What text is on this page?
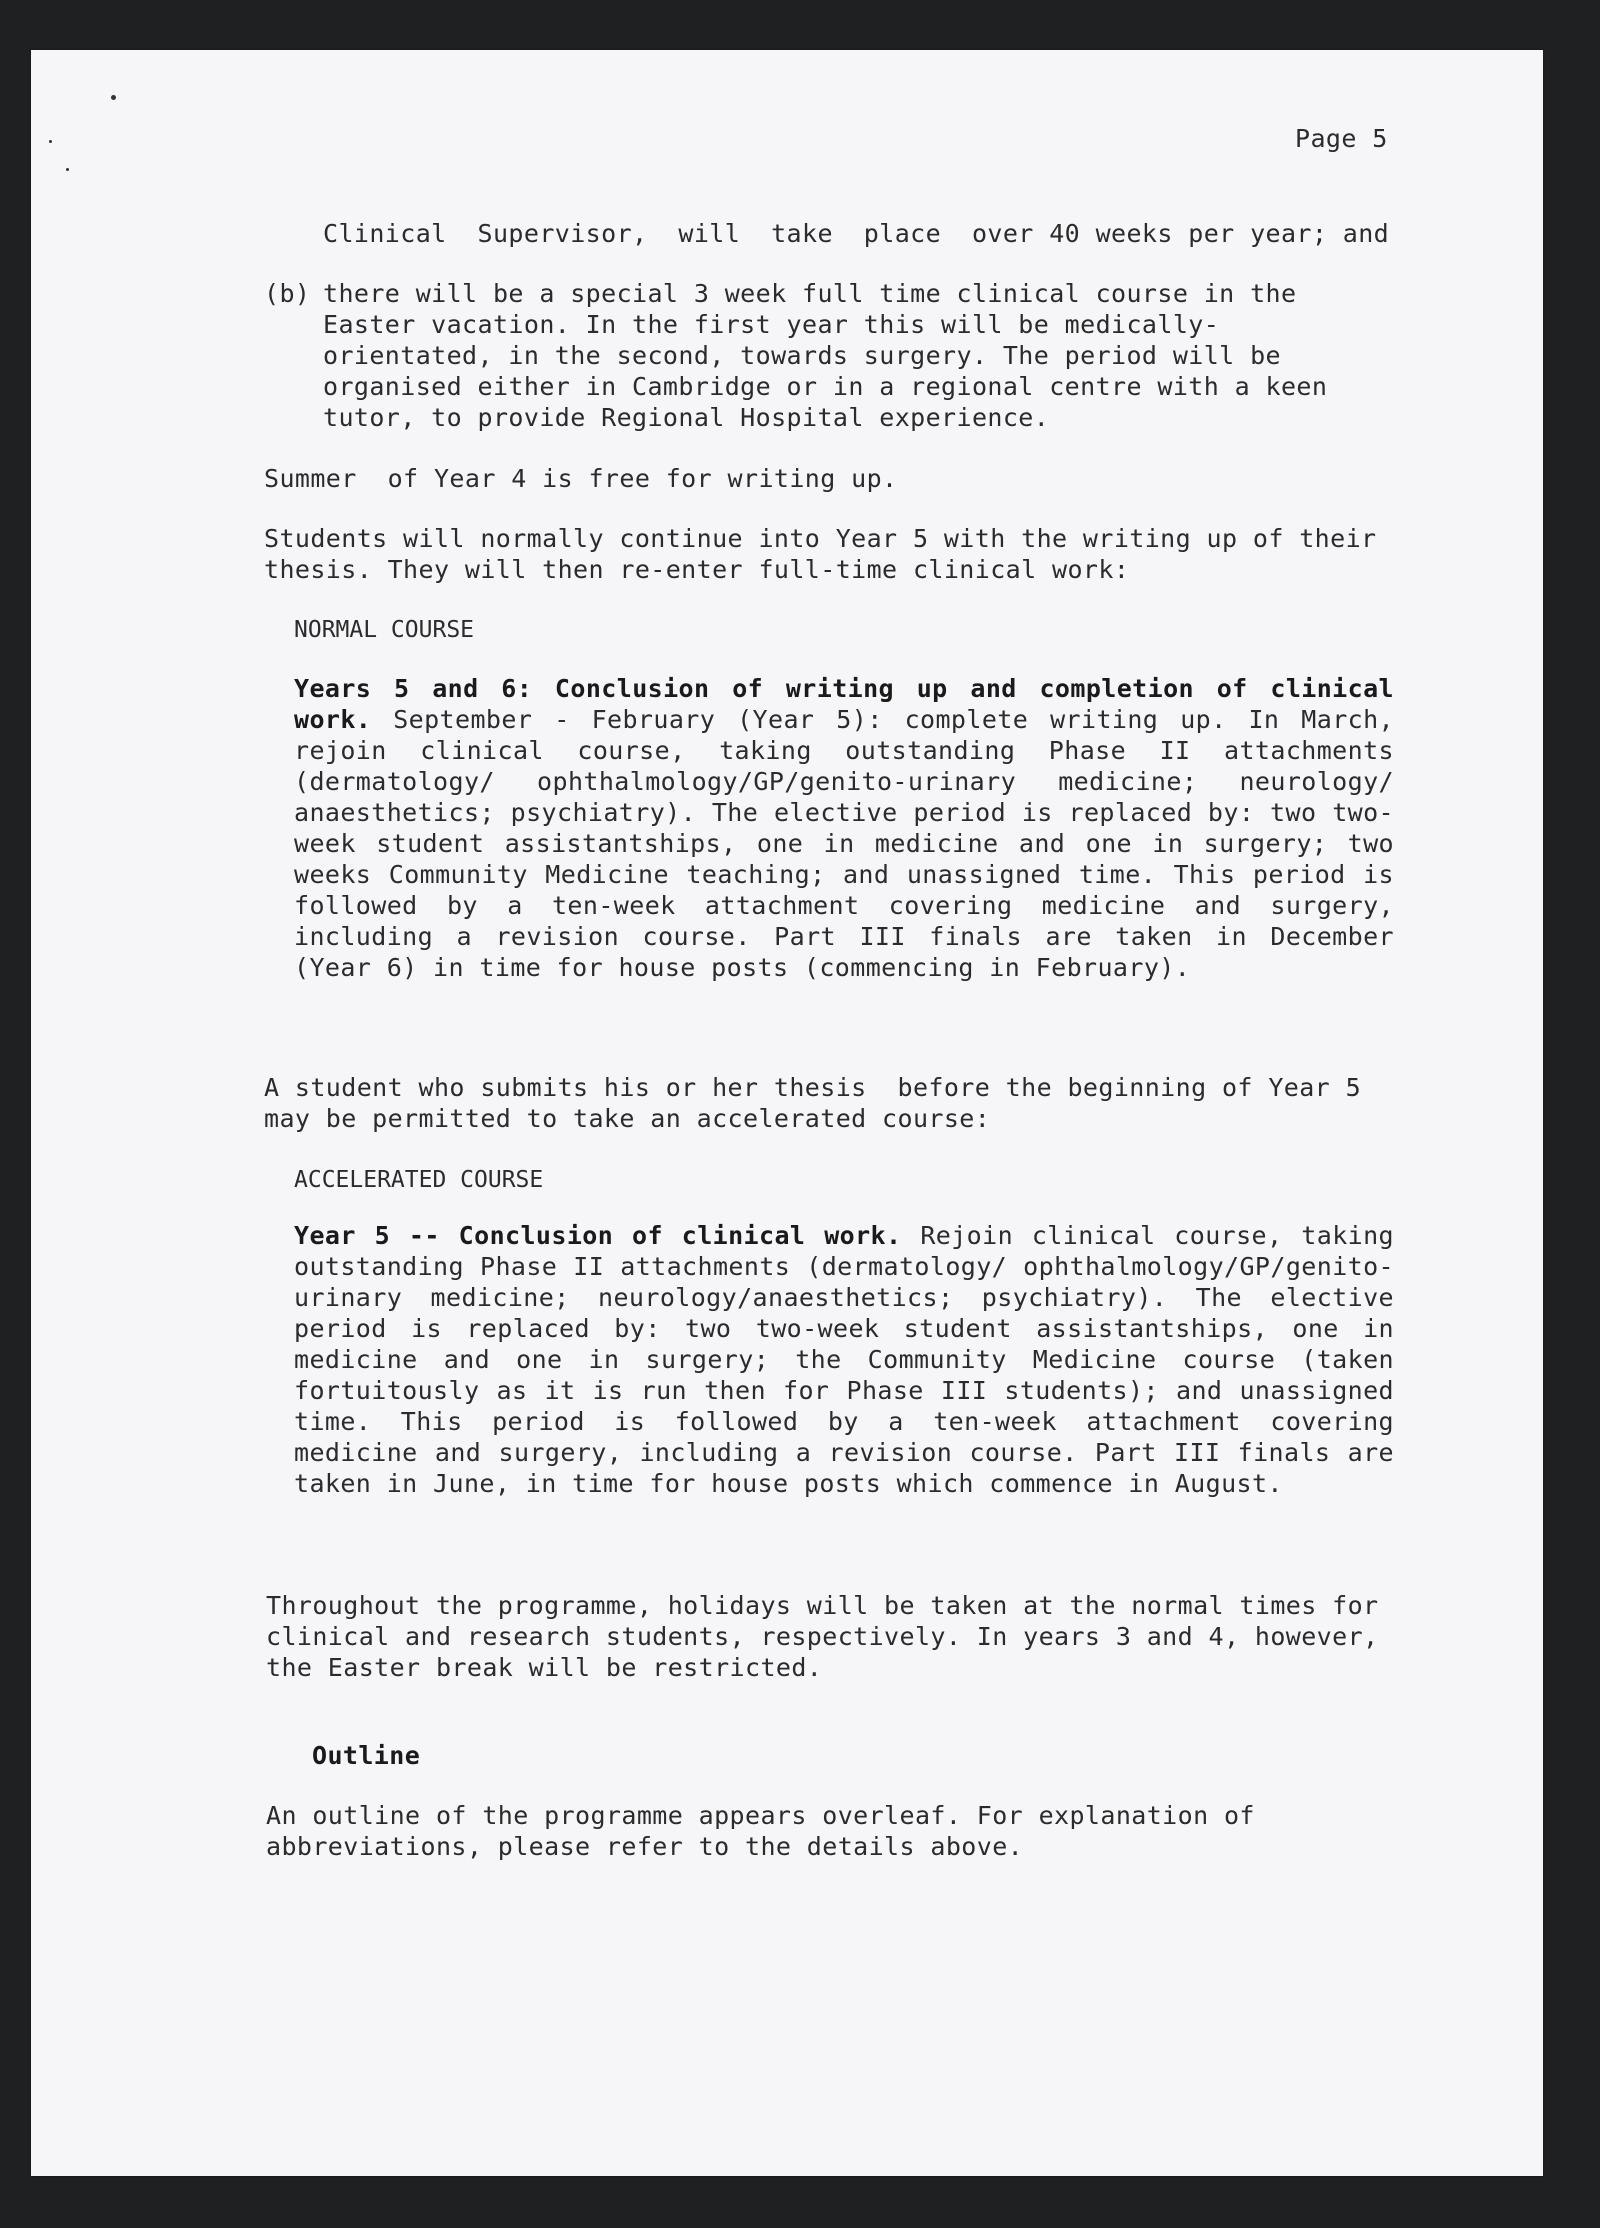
Page 5

Clinical  Supervisor,  will  take  place  over 40 weeks per year; and

(b) there will be a special 3 week full time clinical course in the

Easter vacation. In the first year this will be medically-

orientated, in the second, towards surgery. The period will be

organised either in Cambridge or in a regional centre with a keen

tutor, to provide Regional Hospital experience.

Summer  of Year 4 is free for writing up.

Students will normally continue into Year 5 with the writing up of their

thesis. They will then re-enter full-time clinical work:

NORMAL COURSE

Years 5 and 6: Conclusion of writing up and completion of clinical work. September - February (Year 5): complete writing up. In March, rejoin clinical course, taking outstanding Phase II attachments (dermatology/ ophthalmology/GP/genito-urinary medicine; neurology/ anaesthetics; psychiatry). The elective period is replaced by: two two-week student assistantships, one in medicine and one in surgery; two weeks Community Medicine teaching; and unassigned time. This period is followed by a ten-week attachment covering medicine and surgery, including a revision course. Part III finals are taken in December (Year 6) in time for house posts (commencing in February).

A student who submits his or her thesis  before the beginning of Year 5

may be permitted to take an accelerated course:

ACCELERATED COURSE

Year 5 -- Conclusion of clinical work. Rejoin clinical course, taking outstanding Phase II attachments (dermatology/ ophthalmology/GP/genito-urinary medicine; neurology/anaesthetics; psychiatry). The elective period is replaced by: two two-week student assistantships, one in medicine and one in surgery; the Community Medicine course (taken fortuitously as it is run then for Phase III students); and unassigned time. This period is followed by a ten-week attachment covering medicine and surgery, including a revision course. Part III finals are taken in June, in time for house posts which commence in August.

Throughout the programme, holidays will be taken at the normal times for

clinical and research students, respectively. In years 3 and 4, however,

the Easter break will be restricted.

Outline

An outline of the programme appears overleaf. For explanation of

abbreviations, please refer to the details above.
